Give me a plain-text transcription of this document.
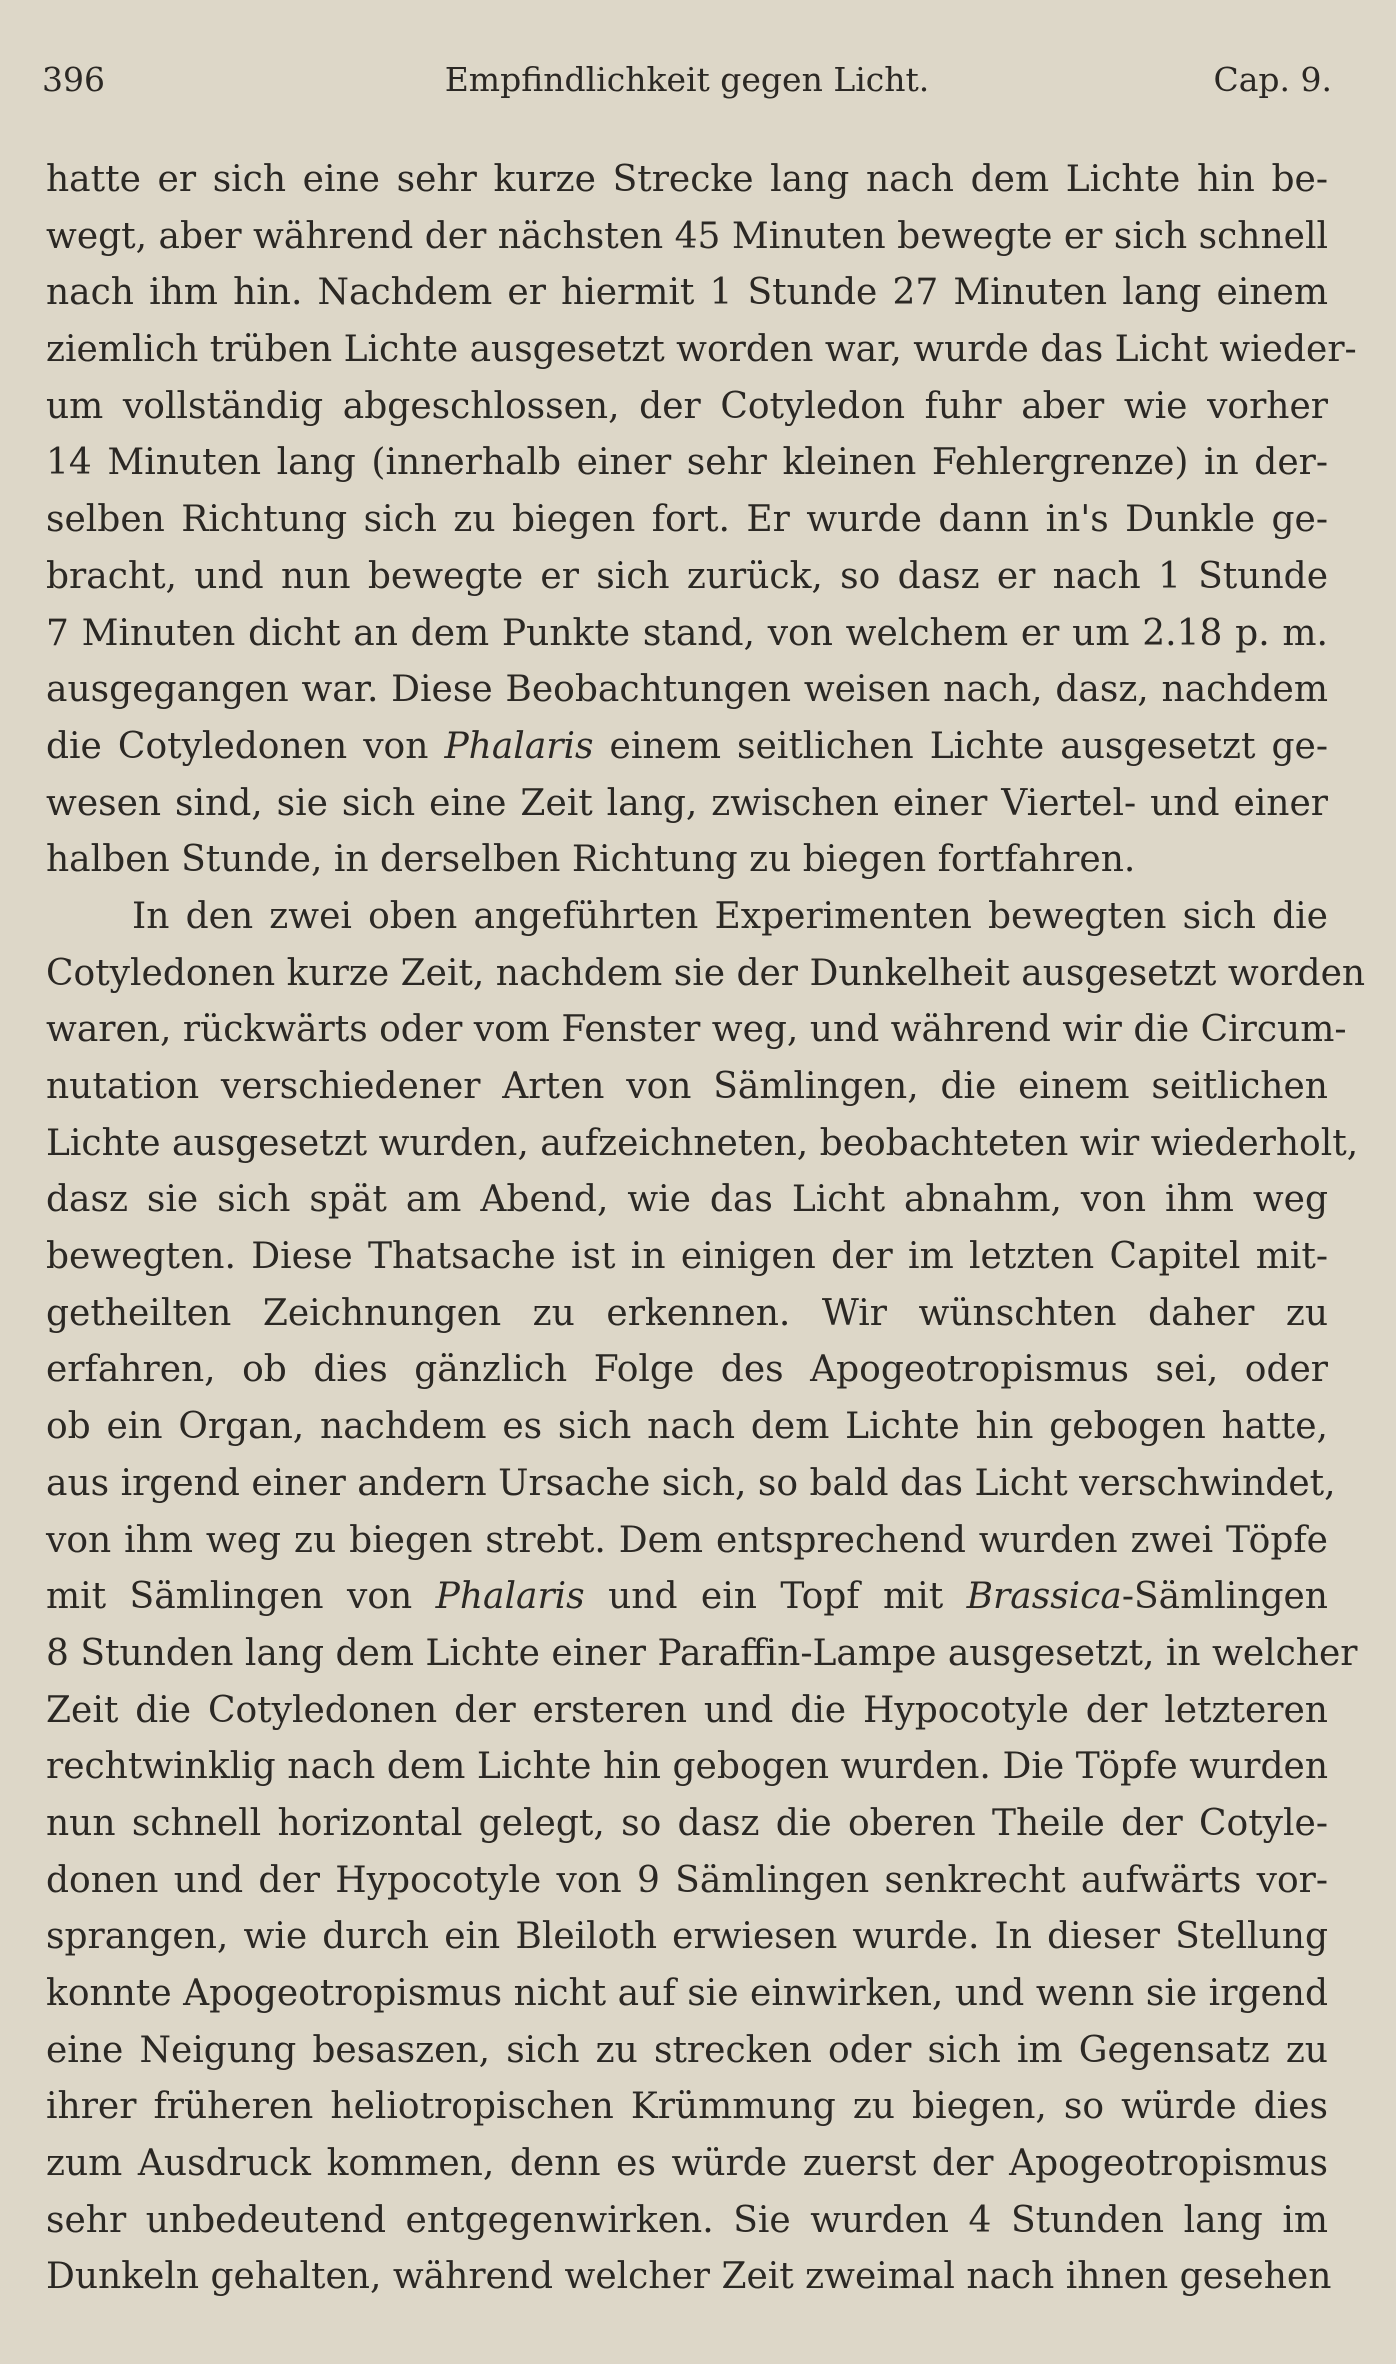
396	Empfindlichkeit gegen Licht.	Cap. 9.
hatte er sich eine sehr kurze Strecke lang nach dem Lichte hin be-
wegt, aber während der nächsten 45 Minuten bewegte er sich schnell
nach ihm hin. Nachdem er hiermit 1 Stunde 27 Minuten lang einem
ziemlich trüben Lichte ausgesetzt worden war, wurde das Licht wieder-
um vollständig abgeschlossen, der Cotyledon fuhr aber wie vorher
14 Minuten lang (innerhalb einer sehr kleinen Fehlergrenze) in der-
selben Richtung sich zu biegen fort. Er wurde dann in's Dunkle ge-
bracht, und nun bewegte er sich zurück, so dasz er nach 1 Stunde
7 Minuten dicht an dem Punkte stand, von welchem er um 2.18 p. m.
ausgegangen war. Diese Beobachtungen weisen nach, dasz, nachdem
die Cotyledonen von Phalaris einem seitlichen Lichte ausgesetzt ge-
wesen sind, sie sich eine Zeit lang, zwischen einer Viertel- und einer
halben Stunde, in derselben Richtung zu biegen fortfahren.
In den zwei oben angeführten Experimenten bewegten sich die
Cotyledonen kurze Zeit, nachdem sie der Dunkelheit ausgesetzt worden
waren, rückwärts oder vom Fenster weg, und während wir die Circum-
nutation verschiedener Arten von Sämlingen, die einem seitlichen
Lichte ausgesetzt wurden, aufzeichneten, beobachteten wir wiederholt,
dasz sie sich spät am Abend, wie das Licht abnahm, von ihm weg
bewegten. Diese Thatsache ist in einigen der im letzten Capitel mit-
getheilten Zeichnungen zu erkennen. Wir wünschten daher zu
erfahren, ob dies gänzlich Folge des Apogeotropismus sei, oder
ob ein Organ, nachdem es sich nach dem Lichte hin gebogen hatte,
aus irgend einer andern Ursache sich, so bald das Licht verschwindet,
von ihm weg zu biegen strebt. Dem entsprechend wurden zwei Töpfe
mit Sämlingen von Phalaris und ein Topf mit Brassica-Sämlingen
8 Stunden lang dem Lichte einer Paraffin-Lampe ausgesetzt, in welcher
Zeit die Cotyledonen der ersteren und die Hypocotyle der letzteren
rechtwinklig nach dem Lichte hin gebogen wurden. Die Töpfe wurden
nun schnell horizontal gelegt, so dasz die oberen Theile der Cotyle-
donen und der Hypocotyle von 9 Sämlingen senkrecht aufwärts vor-
sprangen, wie durch ein Bleiloth erwiesen wurde. In dieser Stellung
konnte Apogeotropismus nicht auf sie einwirken, und wenn sie irgend
eine Neigung besaszen, sich zu strecken oder sich im Gegensatz zu
ihrer früheren heliotropischen Krümmung zu biegen, so würde dies
zum Ausdruck kommen, denn es würde zuerst der Apogeotropismus
sehr unbedeutend entgegenwirken. Sie wurden 4 Stunden lang im
Dunkeln gehalten, während welcher Zeit zweimal nach ihnen gesehen
